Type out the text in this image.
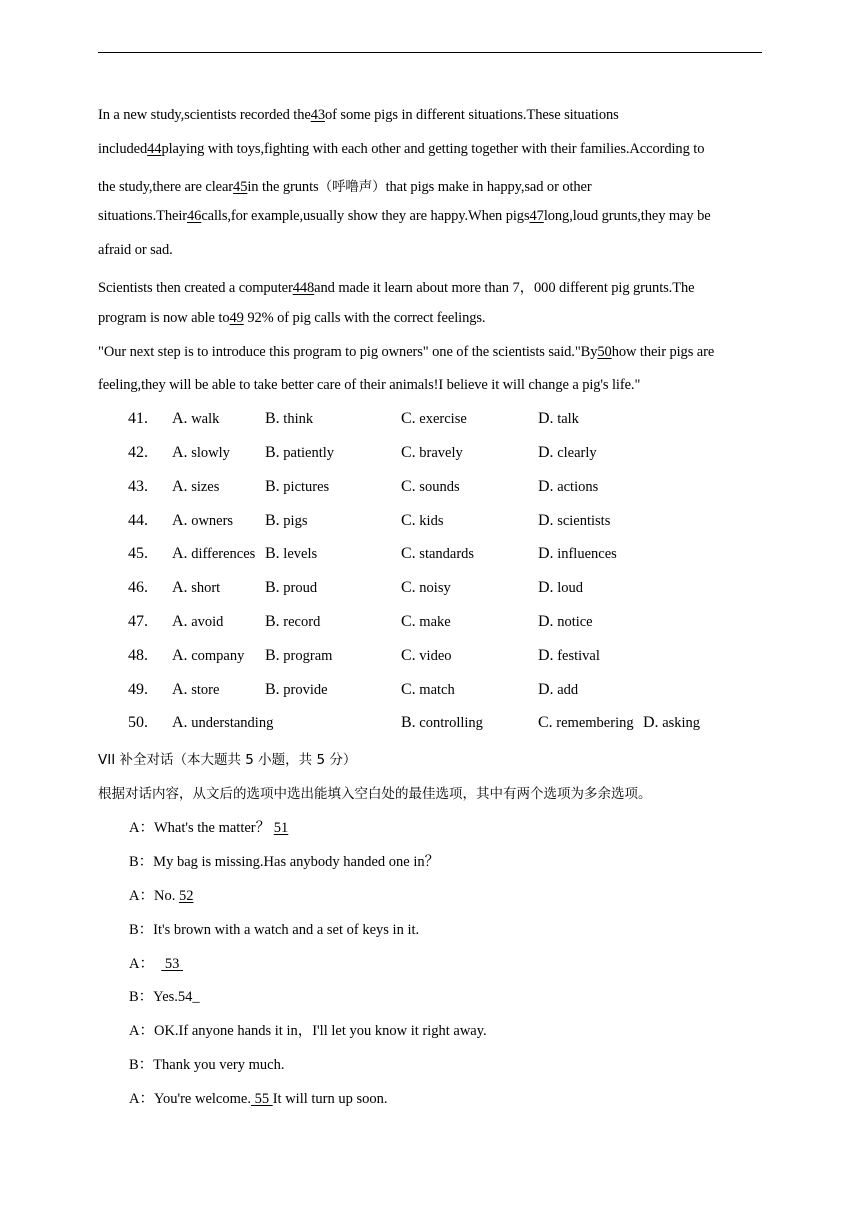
In a new study,scientists recorded the43of some pigs in different situations.These situations
included44playing with toys,fighting with each other and getting together with their families.According to
the study,there are clear45in the grunts（呼噜声）that pigs make in happy,sad or other
situations.Their46calls,for example,usually show they are happy.When pigs47long,loud grunts,they may be
afraid or sad.
Scientists then created a computer448and made it learn about more than 7，000 different pig grunts.The
program is now able to49 92% of pig calls with the correct feelings.
"Our next step is to introduce this program to pig owners" one of the scientists said."By50how their pigs are
feeling,they will be able to take better care of their animals!I believe it will change a pig's life."
41. A. walk	B. think	C. exercise	D. talk
42. A. slowly B. patiently	C. bravely	D. clearly
43. A. sizes	B. pictures	C. sounds	D. actions
44. A. owners B. pigs	C. kids	D. scientists
45. A. differences B. levels	C. standards	D. influences
46. A. short	B. proud	C. noisy	D. loud
47. A. avoid	B. record	C. make	D. notice
48. A. company B. program	C. video	D. festival
49. A. store	B. provide	C. match	D. add
50. A. understanding	B. controlling	C. remembering D. asking
VII 补全对话（本大题共 5 小题，共 5 分）
根据对话内容，从文后的选项中选出能填入空白处的最佳选项，其中有两个选项为多余选项。
A：What's the matter？ 51
B：My bag is missing.Has anybody handed one in？
A：No. 52
B：It's brown with a watch and a set of keys in it.
A：   53
B：Yes.54_
A：OK.If anyone hands it in，I'll let you know it right away.
B：Thank you very much.
A：You're welcome. 55 It will turn up soon.
